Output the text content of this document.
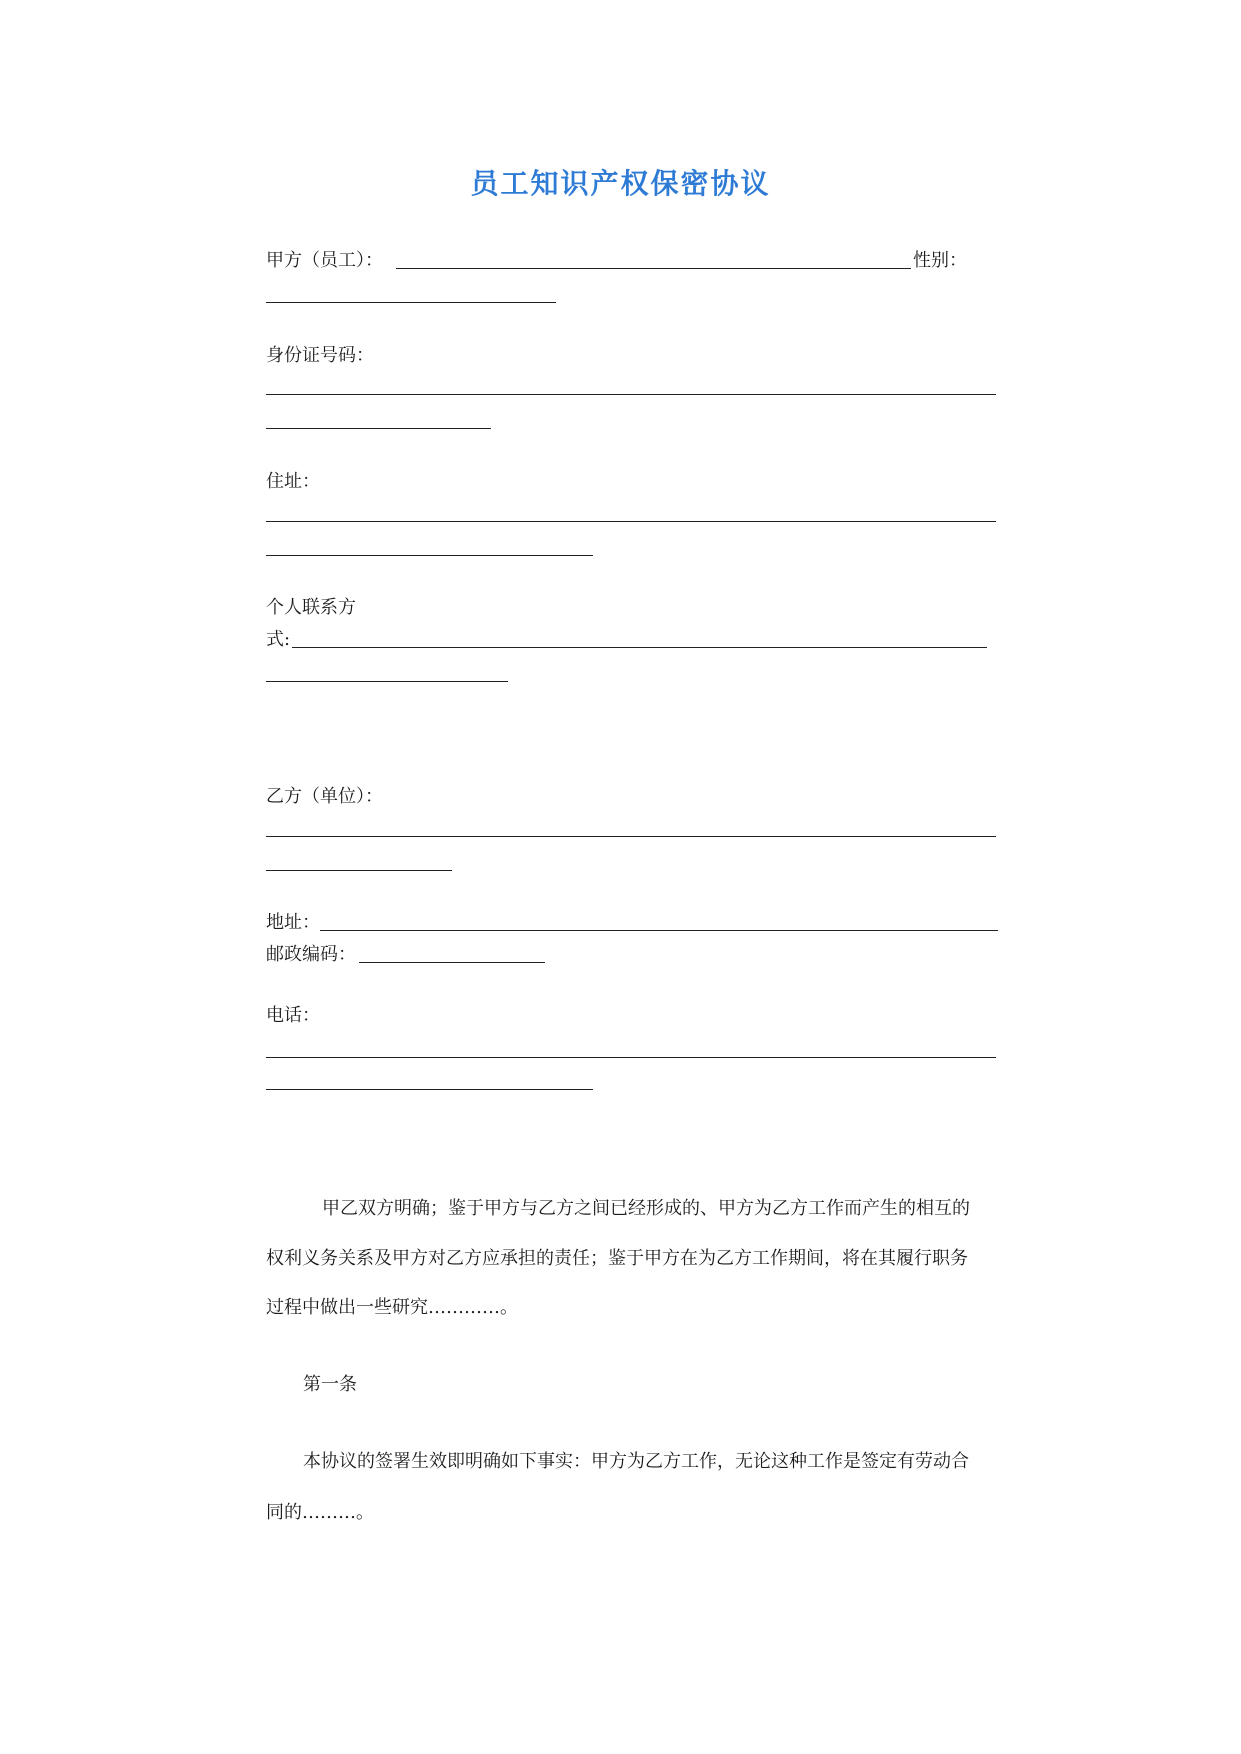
员工知识产权保密协议
甲方（员工）：	性别：
身份证号码：
住址：
个人联系方
式:
乙方（单位）：
地址：
邮政编码：
电话：
甲乙双方明确；鉴于甲方与乙方之间已经形成的、甲方为乙方工作而产生的相互的
权利义务关系及甲方对乙方应承担的责任；鉴于甲方在为乙方工作期间，将在其履行职务
过程中做出一些研究…………。
第一条
本协议的签署生效即明确如下事实：甲方为乙方工作，无论这种工作是签定有劳动合
同的………。
